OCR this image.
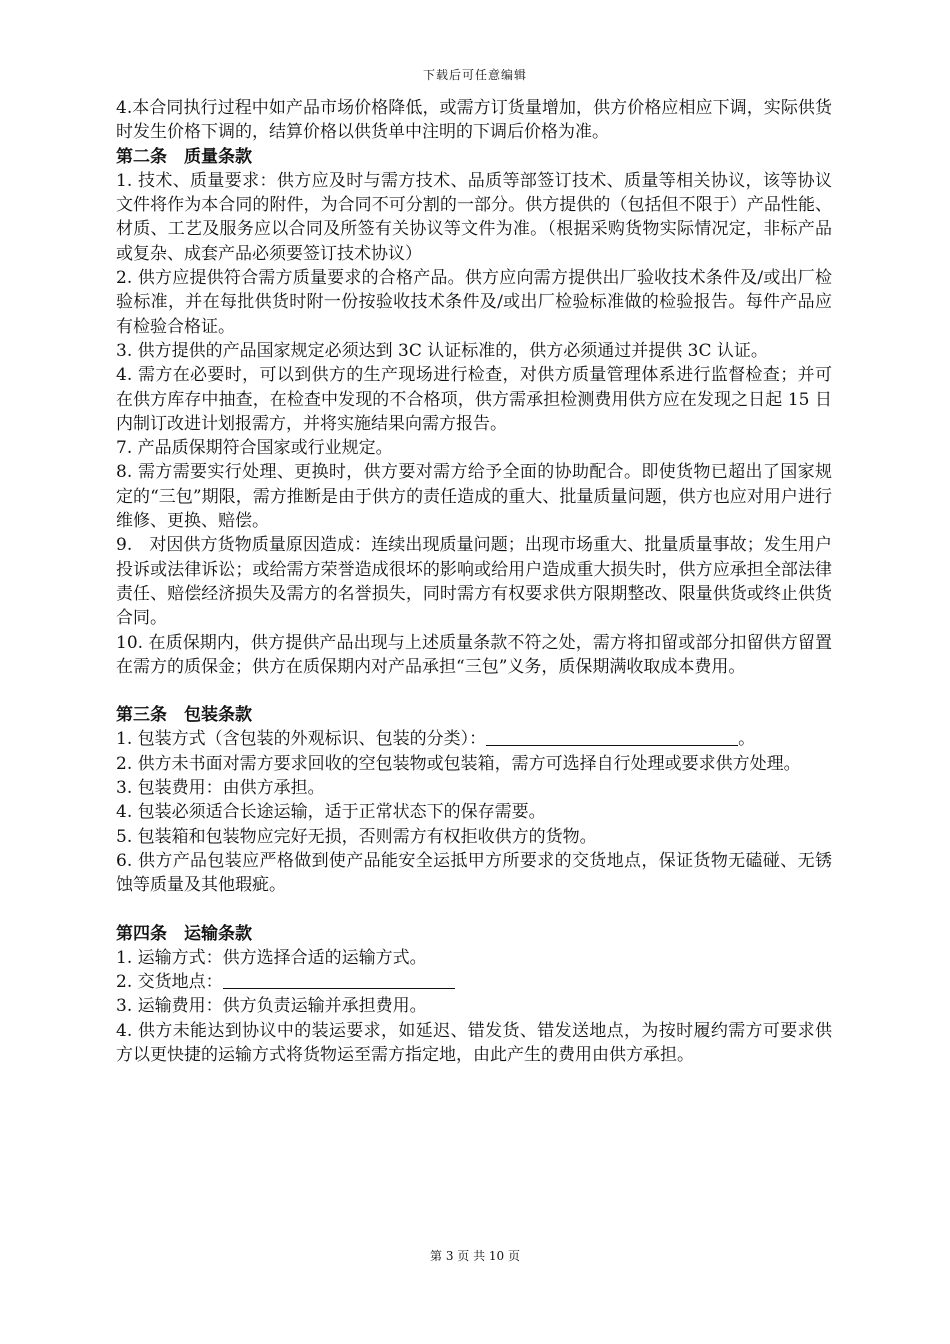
下载后可任意编辑

4.本合同执行过程中如产品市场价格降低，或需方订货量增加，供方价格应相应下调，实际供货时发生价格下调的，结算价格以供货单中注明的下调后价格为准。

第二条　质量条款

1. 技术、质量要求：供方应及时与需方技术、品质等部签订技术、质量等相关协议，该等协议文件将作为本合同的附件，为合同不可分割的一部分。供方提供的（包括但不限于）产品性能、材质、工艺及服务应以合同及所签有关协议等文件为准。（根据采购货物实际情况定，非标产品或复杂、成套产品必须要签订技术协议）

2. 供方应提供符合需方质量要求的合格产品。供方应向需方提供出厂验收技术条件及/或出厂检验标准，并在每批供货时附一份按验收技术条件及/或出厂检验标准做的检验报告。每件产品应有检验合格证。

3. 供方提供的产品国家规定必须达到 3C 认证标准的，供方必须通过并提供 3C 认证。

4. 需方在必要时，可以到供方的生产现场进行检查，对供方质量管理体系进行监督检查；并可在供方库存中抽查，在检查中发现的不合格项，供方需承担检测费用供方应在发现之日起 15 日内制订改进计划报需方，并将实施结果向需方报告。

7. 产品质保期符合国家或行业规定。

8. 需方需要实行处理、更换时，供方要对需方给予全面的协助配合。即使货物已超出了国家规定的“三包”期限，需方推断是由于供方的责任造成的重大、批量质量问题，供方也应对用户进行维修、更换、赔偿。

9.　对因供方货物质量原因造成：连续出现质量问题；出现市场重大、批量质量事故；发生用户投诉或法律诉讼；或给需方荣誉造成很坏的影响或给用户造成重大损失时，供方应承担全部法律责任、赔偿经济损失及需方的名誉损失，同时需方有权要求供方限期整改、限量供货或终止供货合同。

10. 在质保期内，供方提供产品出现与上述质量条款不符之处，需方将扣留或部分扣留供方留置在需方的质保金；供方在质保期内对产品承担“三包”义务，质保期满收取成本费用。

第三条　包装条款

1. 包装方式（含包装的外观标识、包装的分类）：	。

2. 供方未书面对需方要求回收的空包装物或包装箱，需方可选择自行处理或要求供方处理。

3. 包装费用：由供方承担。

4. 包装必须适合长途运输，适于正常状态下的保存需要。

5. 包装箱和包装物应完好无损，否则需方有权拒收供方的货物。

6. 供方产品包装应严格做到使产品能安全运抵甲方所要求的交货地点，保证货物无磕碰、无锈蚀等质量及其他瑕疵。

第四条　运输条款

1. 运输方式：供方选择合适的运输方式。

2. 交货地点：

3. 运输费用：供方负责运输并承担费用。

4. 供方未能达到协议中的装运要求，如延迟、错发货、错发送地点，为按时履约需方可要求供方以更快捷的运输方式将货物运至需方指定地，由此产生的费用由供方承担。

第 3 页 共 10 页
